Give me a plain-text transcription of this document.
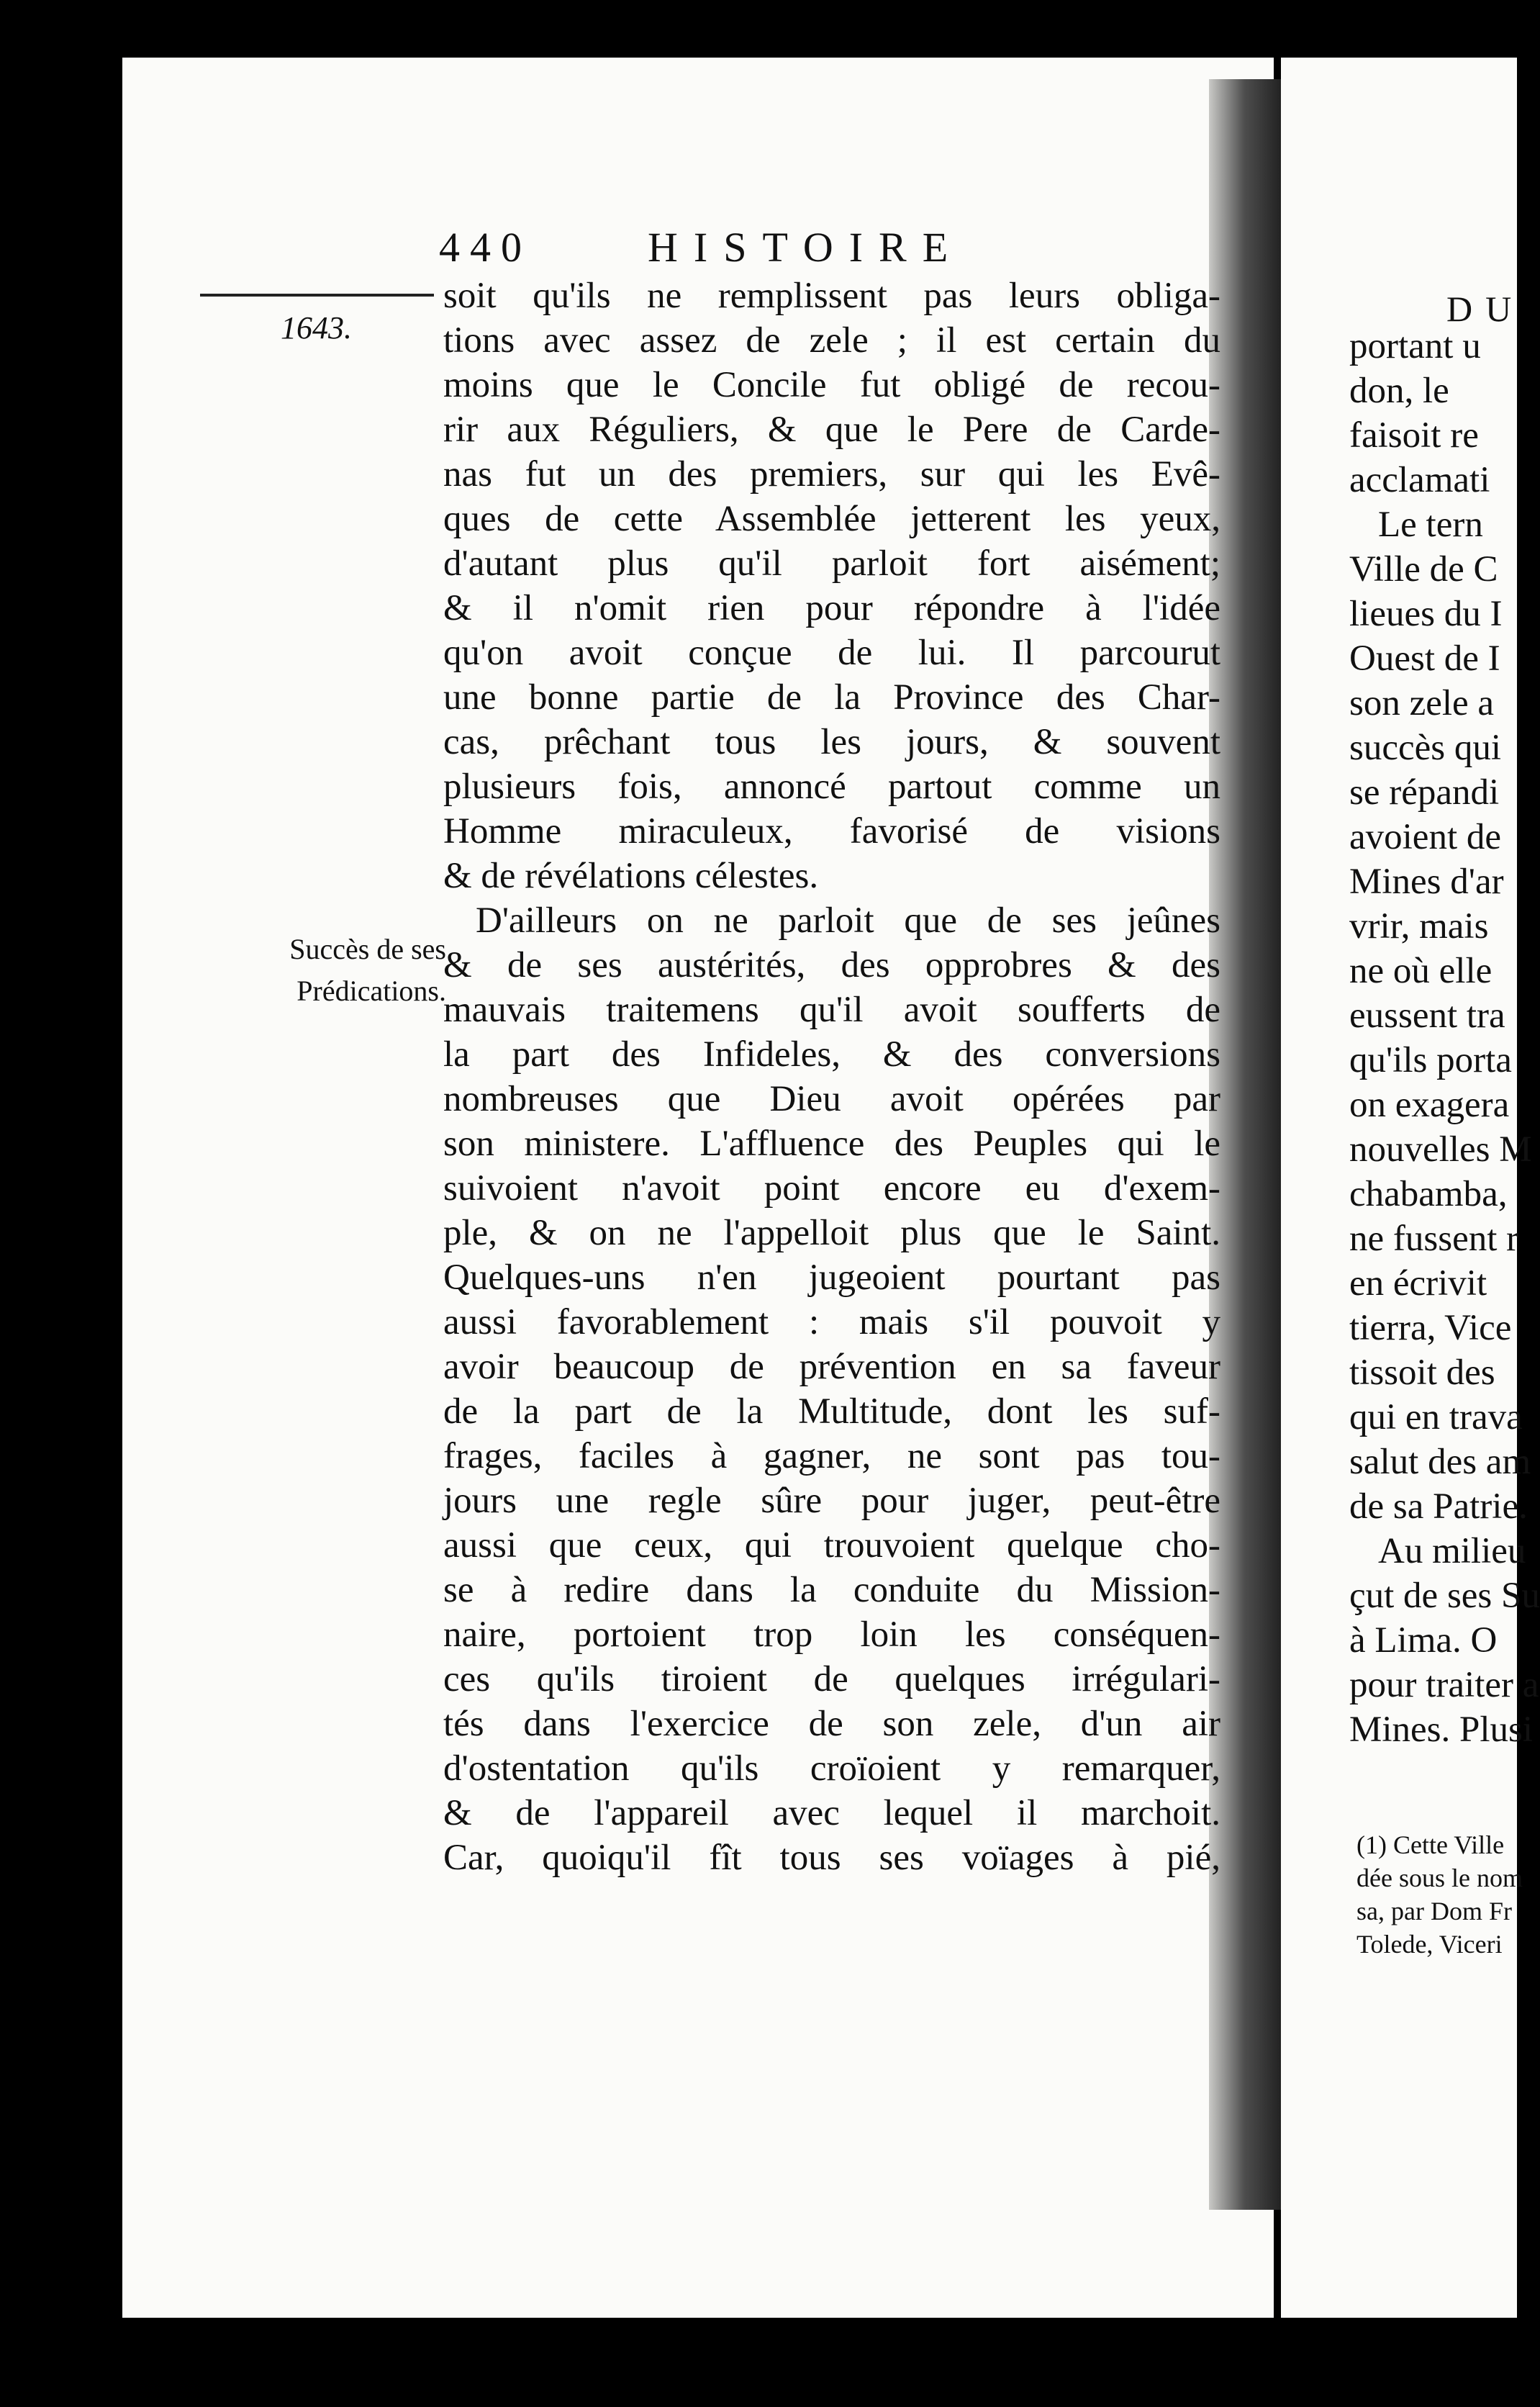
DU
portant u
don, le
faisoit re
acclamati
Le tern
Ville de C
lieues du I
Ouest de I
son zele a
succès qui
se répandi
avoient de
Mines d'ar
vrir, mais
ne où elle
eussent tra
qu'ils porta
on exagera
nouvelles M
chabamba,
ne fussent r
en écrivit
tierra, Vice
tissoit des
qui en trava
salut des am
de sa Patrie.
Au milieu
çut de ses Su
à Lima. O
pour traiter a
Mines. Plusi
(1) Cette Ville
dée sous le nom
sa, par Dom Fr
Tolede, Viceri
440	HISTOIRE
1643.
Succès de ses
Prédications.
soit qu'ils ne remplissent pas leurs obliga-
tions avec assez de zele ; il est certain du
moins que le Concile fut obligé de recou-
rir aux Réguliers, & que le Pere de Carde-
nas fut un des premiers, sur qui les Evê-
ques de cette Assemblée jetterent les yeux,
d'autant plus qu'il parloit fort aisément;
& il n'omit rien pour répondre à l'idée
qu'on avoit conçue de lui. Il parcourut
une bonne partie de la Province des Char-
cas, prêchant tous les jours, & souvent
plusieurs fois, annoncé partout comme un
Homme miraculeux, favorisé de visions
& de révélations célestes.
D'ailleurs on ne parloit que de ses jeûnes
& de ses austérités, des opprobres & des
mauvais traitemens qu'il avoit soufferts de
la part des Infideles, & des conversions
nombreuses que Dieu avoit opérées par
son ministere. L'affluence des Peuples qui le
suivoient n'avoit point encore eu d'exem-
ple, & on ne l'appelloit plus que le Saint.
Quelques-uns n'en jugeoient pourtant pas
aussi favorablement : mais s'il pouvoit y
avoir beaucoup de prévention en sa faveur
de la part de la Multitude, dont les suf-
frages, faciles à gagner, ne sont pas tou-
jours une regle sûre pour juger, peut-être
aussi que ceux, qui trouvoient quelque cho-
se à redire dans la conduite du Mission-
naire, portoient trop loin les conséquen-
ces qu'ils tiroient de quelques irrégulari-
tés dans l'exercice de son zele, d'un air
d'ostentation qu'ils croïoient y remarquer,
& de l'appareil avec lequel il marchoit.
Car, quoiqu'il fît tous ses voïages à pié,
